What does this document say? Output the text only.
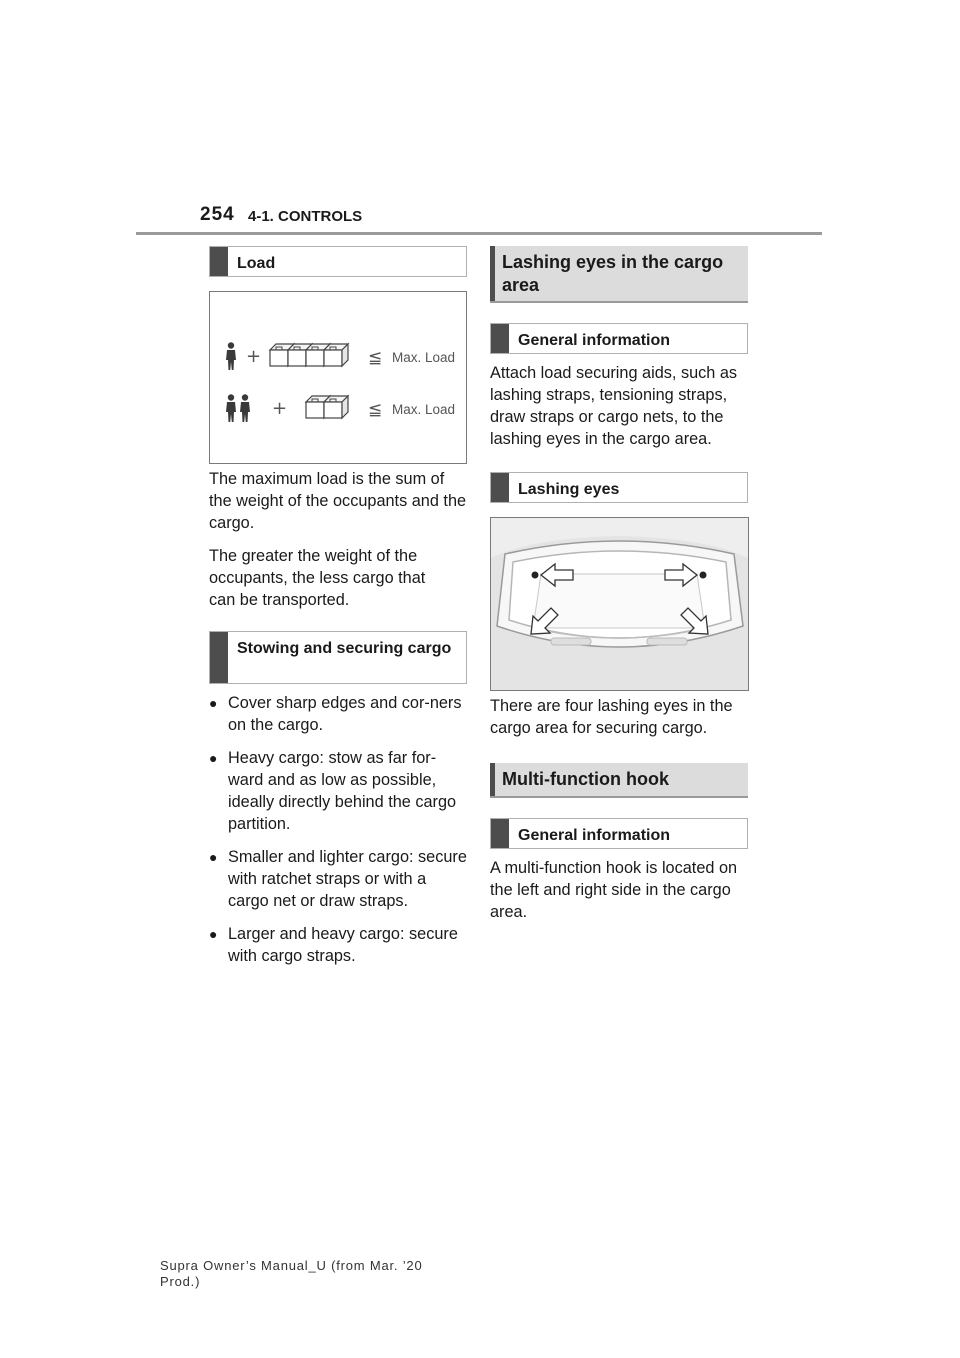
254 4-1. CONTROLS
Load
+	≦ Max. Load
+	≦ Max. Load

The maximum load is the sum of the weight of the occupants and the cargo.

The greater the weight of the occupants, the less cargo that can be transported.

Stowing and securing cargo
● Cover sharp edges and cor-ners on the cargo.
● Heavy cargo: stow as far for-ward and as low as possible, ideally directly behind the cargo partition.
● Smaller and lighter cargo: secure with ratchet straps or with a cargo net or draw straps.
● Larger and heavy cargo: secure with cargo straps.
Lashing eyes in the cargo area
General information

Attach load securing aids, such as lashing straps, tensioning straps, draw straps or cargo nets, to the lashing eyes in the cargo area.

Lashing eyes

There are four lashing eyes in the cargo area for securing cargo.

Multi-function hook
General information

A multi-function hook is located on the left and right side in the cargo area.

Supra Owner’s Manual_U (from Mar. ’20
Prod.)
